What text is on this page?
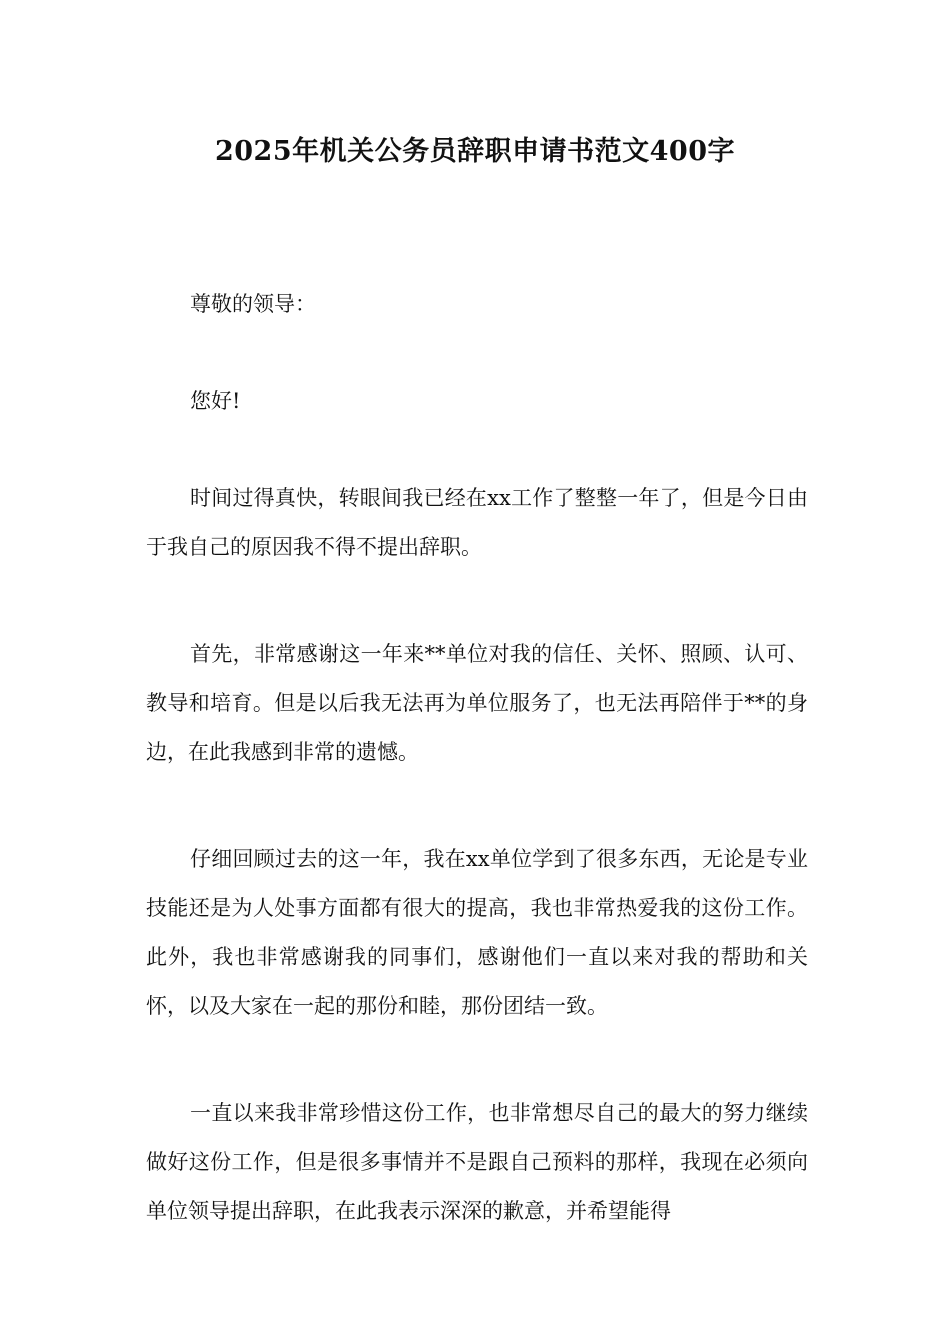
2025年机关公务员辞职申请书范文400字

尊敬的领导：

您好!

时间过得真快，转眼间我已经在xx工作了整整一年了，但是今日由于我自己的原因我不得不提出辞职。

首先，非常感谢这一年来**单位对我的信任、关怀、照顾、认可、教导和培育。但是以后我无法再为单位服务了，也无法再陪伴于**的身边，在此我感到非常的遗憾。

仔细回顾过去的这一年，我在xx单位学到了很多东西，无论是专业技能还是为人处事方面都有很大的提高，我也非常热爱我的这份工作。此外，我也非常感谢我的同事们，感谢他们一直以来对我的帮助和关怀，以及大家在一起的那份和睦，那份团结一致。

一直以来我非常珍惜这份工作，也非常想尽自己的最大的努力继续做好这份工作，但是很多事情并不是跟自己预料的那样，我现在必须向单位领导提出辞职，在此我表示深深的歉意，并希望能得
